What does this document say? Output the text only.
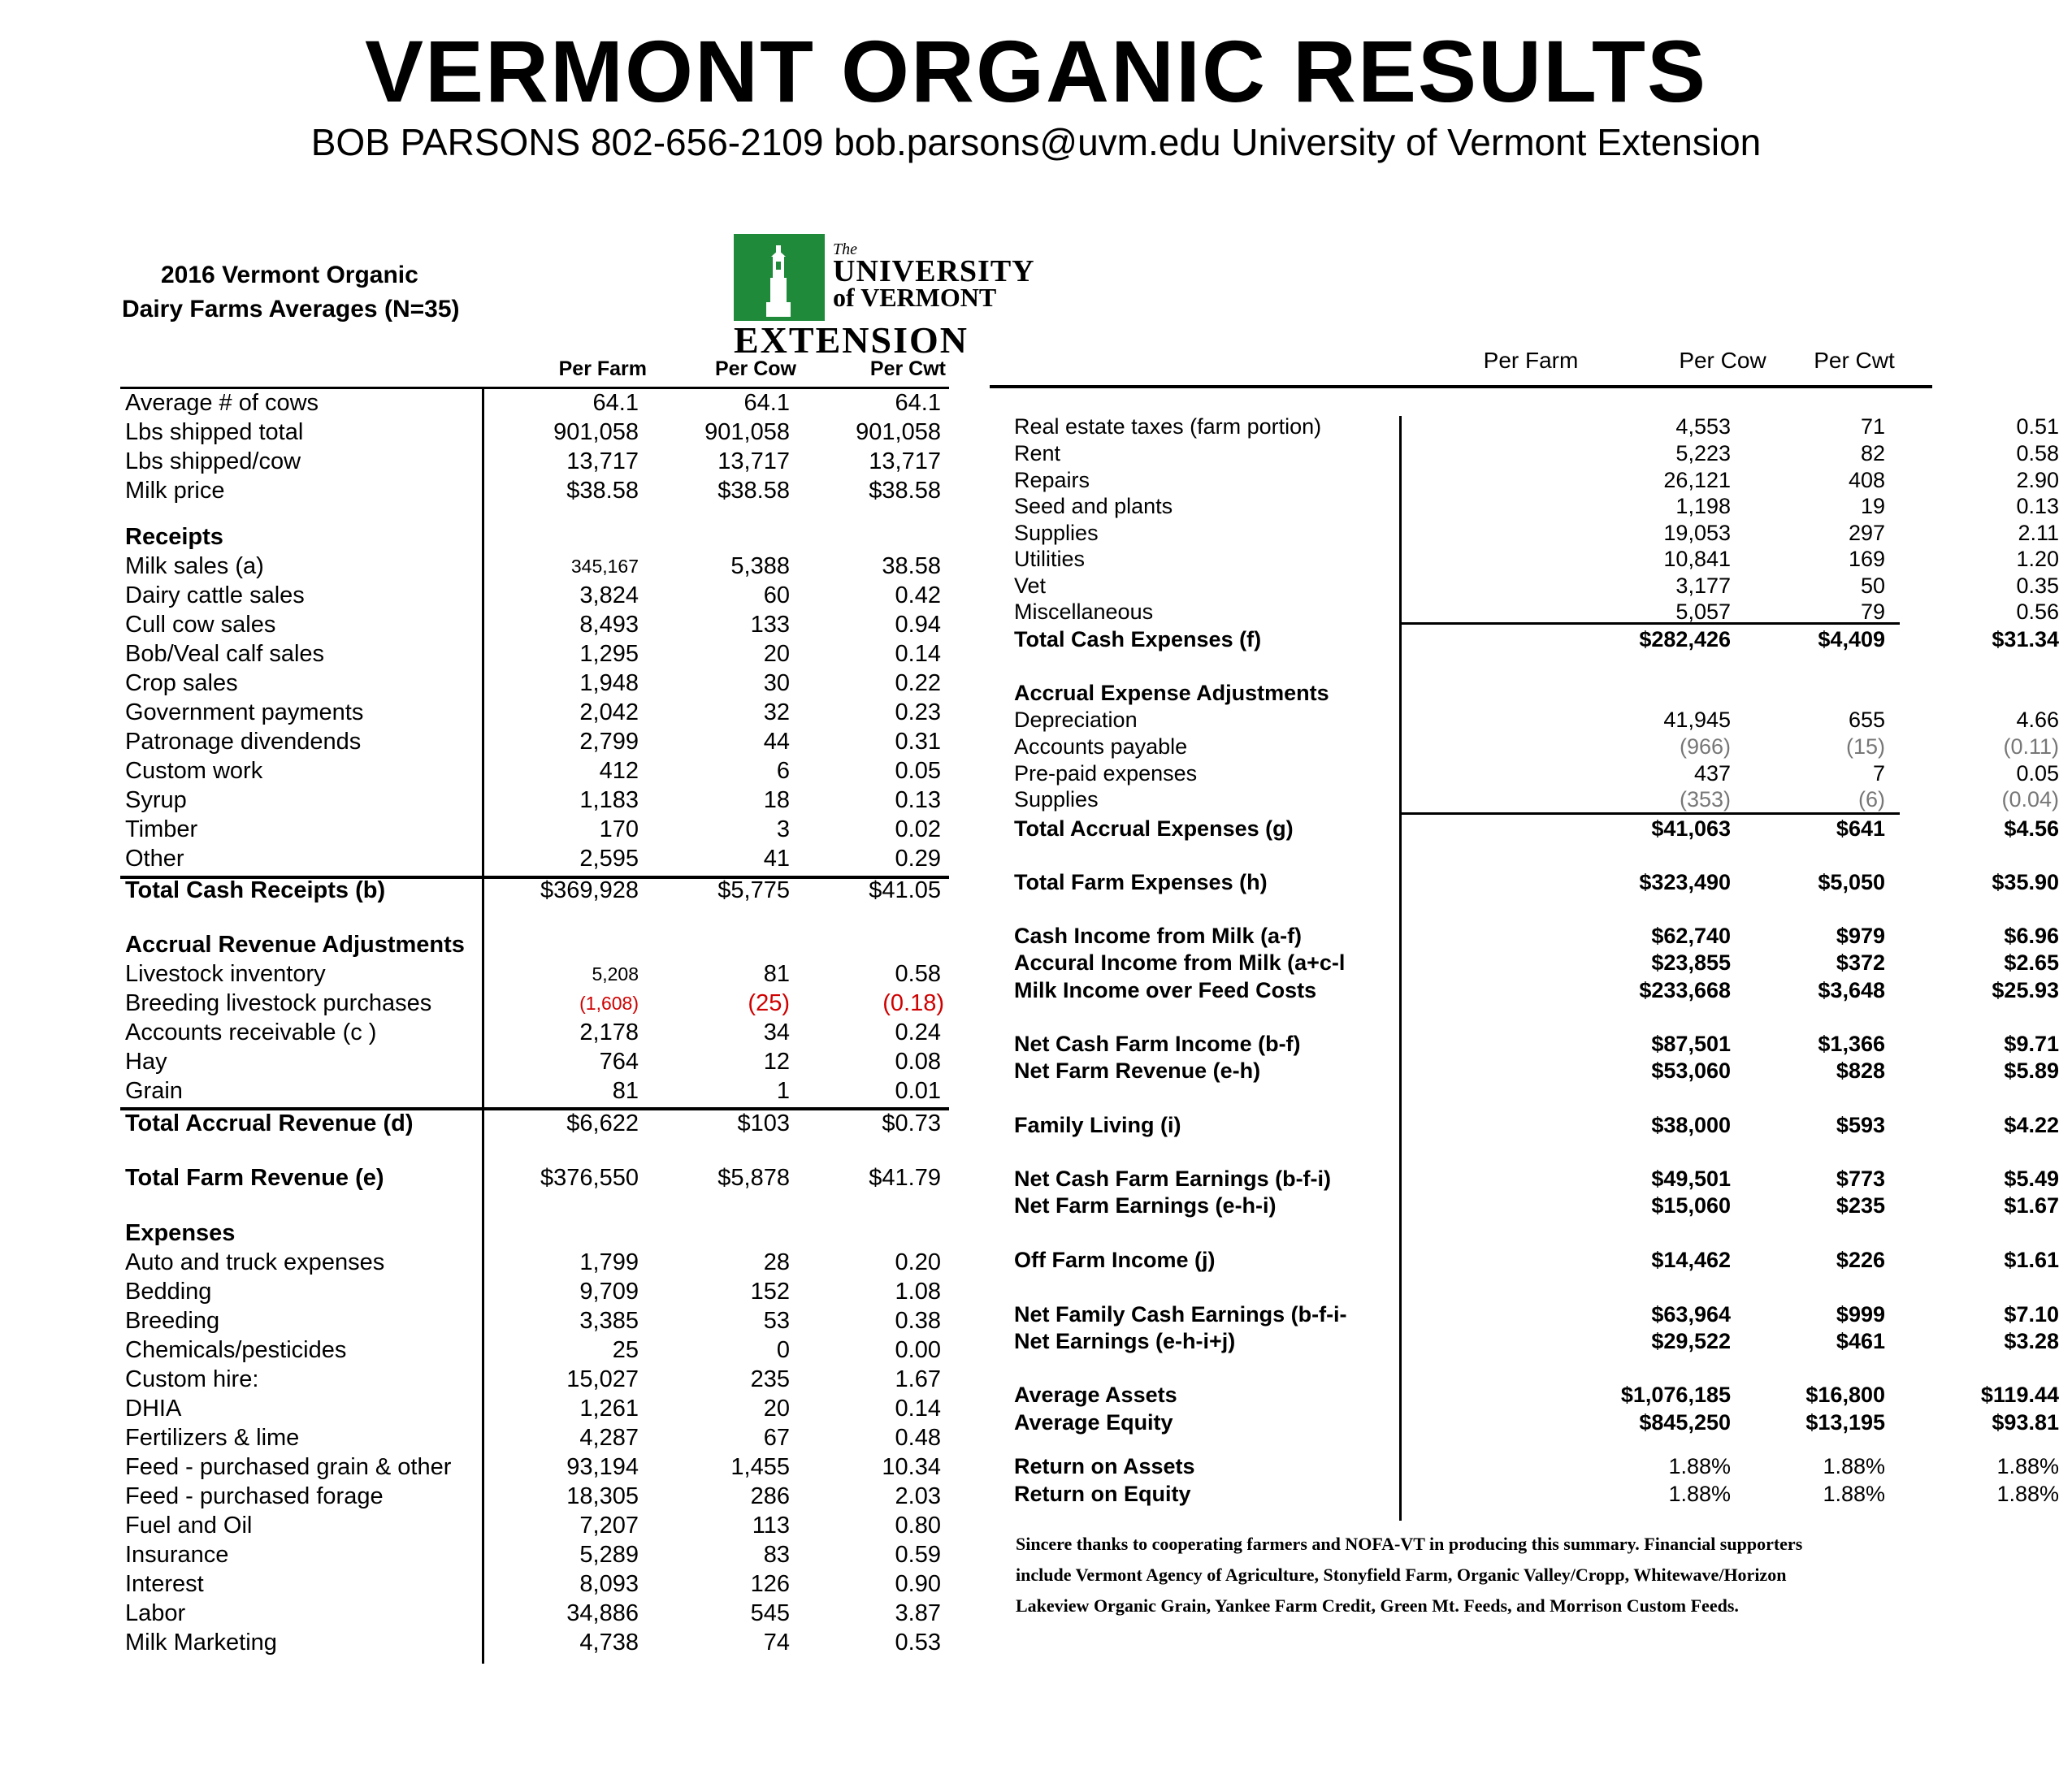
VERMONT ORGANIC RESULTS
BOB PARSONS 802-656-2109 bob.parsons@uvm.edu University of Vermont Extension
2016 Vermont Organic
Dairy Farms Averages (N=35)
The
UNIVERSITY
of VERMONT
EXTENSION
Per Farm	Per Cow	Per Cwt	Per Farm	Per Cow	Per Cwt
Average # of cows	64.1	64.1	64.1
Lbs shipped total	901,058	901,058	901,058
Lbs shipped/cow	13,717	13,717	13,717
Milk price	$38.58	$38.58	$38.58
Receipts
Milk sales (a)	345,167	5,388	38.58
Dairy cattle sales	3,824	60	0.42
Cull cow sales	8,493	133	0.94
Bob/Veal calf sales	1,295	20	0.14
Crop sales	1,948	30	0.22
Government payments	2,042	32	0.23
Patronage divendends	2,799	44	0.31
Custom work	412	6	0.05
Syrup	1,183	18	0.13
Timber	170	3	0.02
Other	2,595	41	0.29
Total Cash Receipts (b)	$369,928	$5,775	$41.05
Accrual Revenue Adjustments
Livestock inventory	5,208	81	0.58
Breeding livestock purchases	(1,608)	(25)	(0.18)
Accounts receivable (c )	2,178	34	0.24
Hay	764	12	0.08
Grain	81	1	0.01
Total Accrual Revenue (d)	$6,622	$103	$0.73
Total Farm Revenue (e)	$376,550	$5,878	$41.79
Expenses
Auto and truck expenses	1,799	28	0.20
Bedding	9,709	152	1.08
Breeding	3,385	53	0.38
Chemicals/pesticides	25	0	0.00
Custom hire:	15,027	235	1.67
DHIA	1,261	20	0.14
Fertilizers & lime	4,287	67	0.48
Feed - purchased grain & other	93,194	1,455	10.34
Feed - purchased forage	18,305	286	2.03
Fuel and Oil	7,207	113	0.80
Insurance	5,289	83	0.59
Interest	8,093	126	0.90
Labor	34,886	545	3.87
Milk Marketing	4,738	74	0.53
Real estate taxes (farm portion)	4,553	71	0.51
Rent	5,223	82	0.58
Repairs	26,121	408	2.90
Seed and plants	1,198	19	0.13
Supplies	19,053	297	2.11
Utilities	10,841	169	1.20
Vet	3,177	50	0.35
Miscellaneous	5,057	79	0.56
Total Cash Expenses (f)	$282,426	$4,409	$31.34
Accrual Expense Adjustments
Depreciation	41,945	655	4.66
Accounts payable	(966)	(15)	(0.11)
Pre-paid expenses	437	7	0.05
Supplies	(353)	(6)	(0.04)
Total Accrual Expenses (g)	$41,063	$641	$4.56
Total Farm Expenses (h)	$323,490	$5,050	$35.90
Cash Income from Milk (a-f)	$62,740	$979	$6.96
Accural Income from Milk (a+c-l	$23,855	$372	$2.65
Milk Income over Feed Costs	$233,668	$3,648	$25.93
Net Cash Farm Income (b-f)	$87,501	$1,366	$9.71
Net Farm Revenue (e-h)	$53,060	$828	$5.89
Family Living (i)	$38,000	$593	$4.22
Net Cash Farm Earnings (b-f-i)	$49,501	$773	$5.49
Net Farm Earnings (e-h-i)	$15,060	$235	$1.67
Off Farm Income (j)	$14,462	$226	$1.61
Net Family Cash Earnings (b-f-i-	$63,964	$999	$7.10
Net Earnings (e-h-i+j)	$29,522	$461	$3.28
Average Assets	$1,076,185	$16,800	$119.44
Average Equity	$845,250	$13,195	$93.81
Return on Assets	1.88%	1.88%	1.88%
Return on Equity	1.88%	1.88%	1.88%
Sincere thanks to cooperating farmers and NOFA-VT in producing this summary. Financial supporters
include Vermont Agency of Agriculture, Stonyfield Farm, Organic Valley/Cropp, Whitewave/Horizon
Lakeview Organic Grain, Yankee Farm Credit, Green Mt. Feeds, and Morrison Custom Feeds.
